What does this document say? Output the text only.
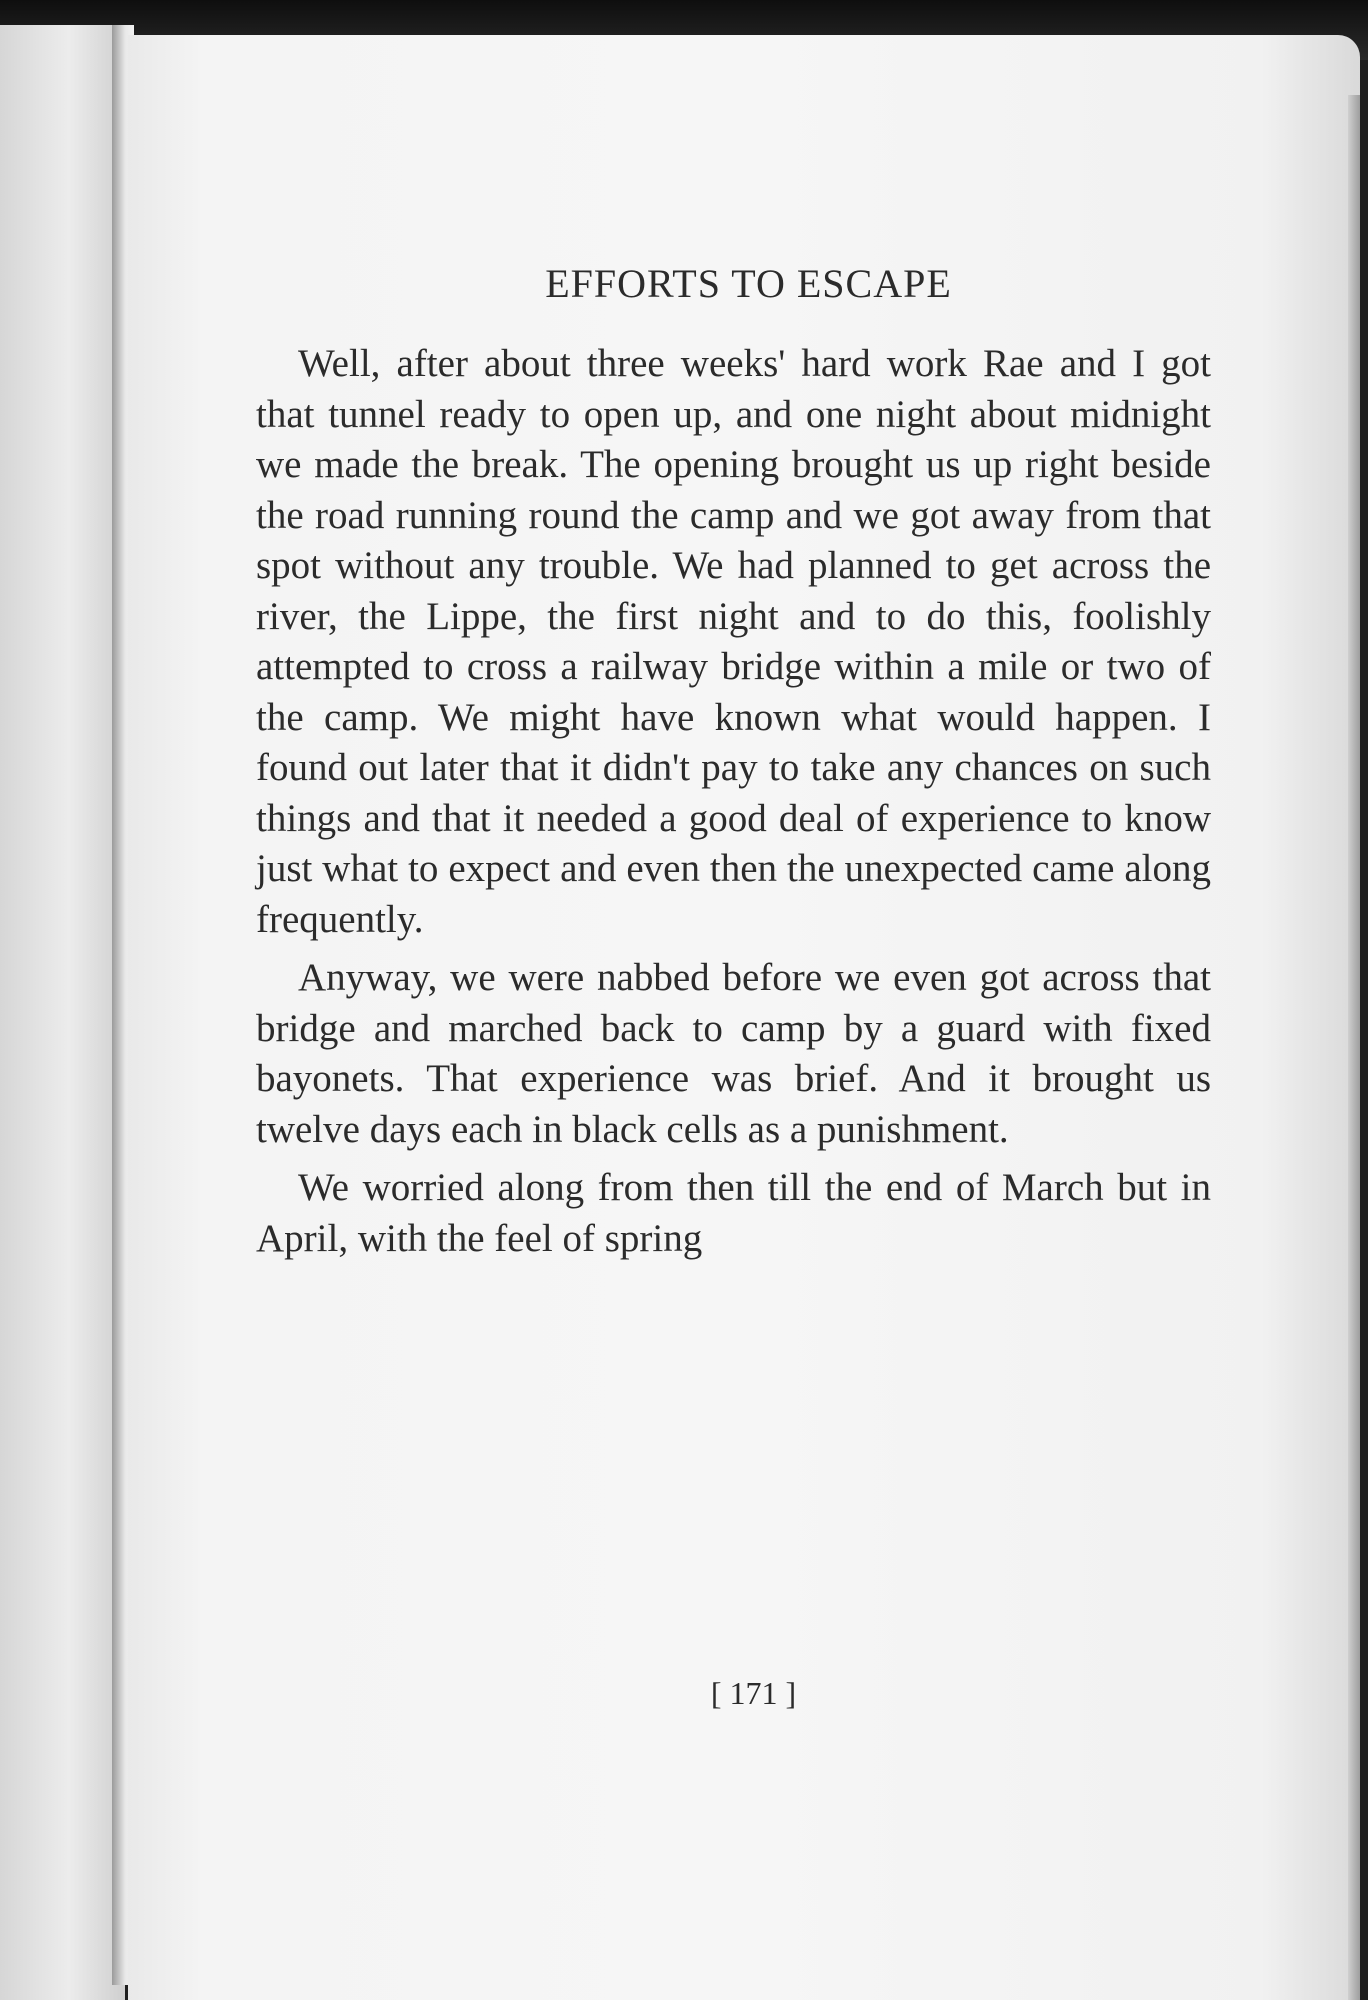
EFFORTS TO ESCAPE

Well, after about three weeks' hard work Rae and I got that tunnel ready to open up, and one night about midnight we made the break. The opening brought us up right beside the road running round the camp and we got away from that spot without any trouble. We had planned to get across the river, the Lippe, the first night and to do this, foolishly attempted to cross a railway bridge within a mile or two of the camp. We might have known what would happen. I found out later that it didn't pay to take any chances on such things and that it needed a good deal of experience to know just what to expect and even then the unexpected came along frequently.

Anyway, we were nabbed before we even got across that bridge and marched back to camp by a guard with fixed bayonets. That experience was brief. And it brought us twelve days each in black cells as a punishment.

We worried along from then till the end of March but in April, with the feel of spring

[ 171 ]
